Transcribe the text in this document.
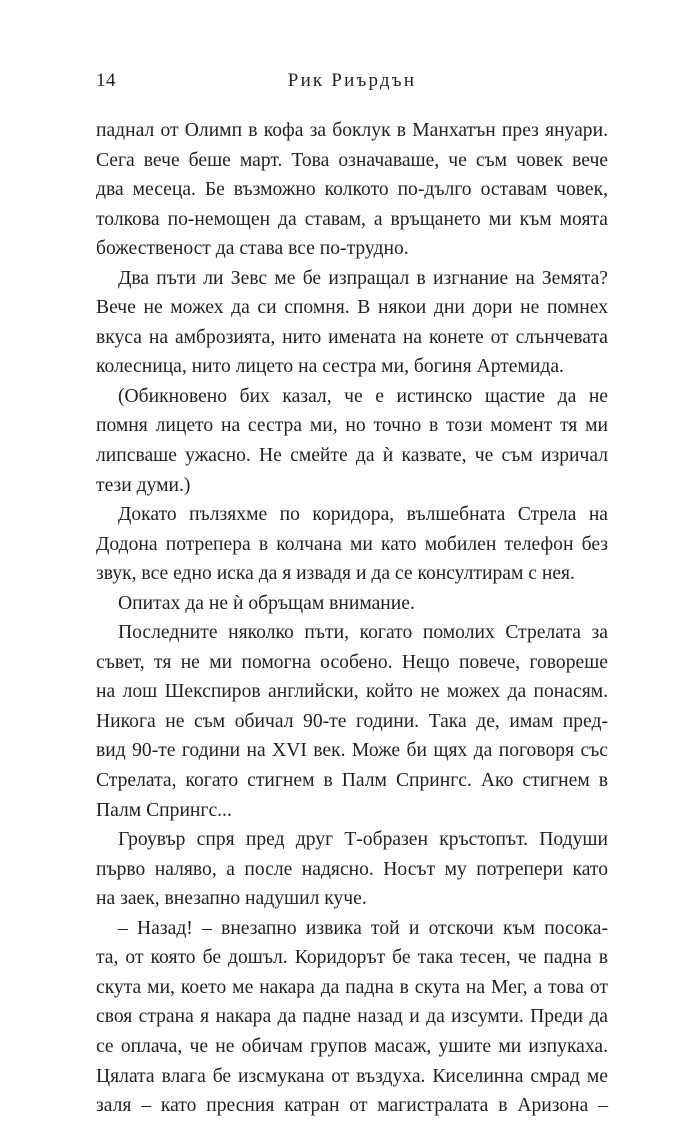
14	Рик Риърдън
паднал от Олимп в кофа за боклук в Манхатън през януари.
Сега вече беше март. Това означаваше, че съм човек вече
два месеца. Бе възможно колкото по-дълго оставам човек,
толкова по-немощен да ставам, а връщането ми към моята
божественост да става все по-трудно.
Два пъти ли Зевс ме бе изпращал в изгнание на Земята?
Вече не можех да си спомня. В някои дни дори не помнех
вкуса на амброзията, нито имената на конете от слънчевата
колесница, нито лицето на сестра ми, богиня Артемида.
(Обикновено бих казал, че е истинско щастие да не
помня лицето на сестра ми, но точно в този момент тя ми
липсваше ужасно. Не смейте да ѝ казвате, че съм изричал
тези думи.)
Докато пълзяхме по коридора, вълшебната Стрела на
Додона потрепера в колчана ми като мобилен телефон без
звук, все едно иска да я извадя и да се консултирам с нея.
Опитах да не ѝ обръщам внимание.
Последните няколко пъти, когато помолих Стрелата за
съвет, тя не ми помогна особено. Нещо повече, говореше
на лош Шекспиров английски, който не можех да понасям.
Никога не съм обичал 90-те години. Така де, имам пред-
вид 90-те години на XVI век. Може би щях да поговоря със
Стрелата, когато стигнем в Палм Спрингс. Ако стигнем в
Палм Спрингс...
Гроувър спря пред друг Т-образен кръстопът. Подуши
първо наляво, а после надясно. Носът му потрепери като
на заек, внезапно надушил куче.
– Назад! – внезапно извика той и отскочи към посока-
та, от която бе дошъл. Коридорът бе така тесен, че падна в
скута ми, което ме накара да падна в скута на Мег, а това от
своя страна я накара да падне назад и да изсумти. Преди да
се оплача, че не обичам групов масаж, ушите ми изпукаха.
Цялата влага бе изсмукана от въздуха. Киселинна смрад ме
заля – като пресния катран от магистралата в Аризона –
